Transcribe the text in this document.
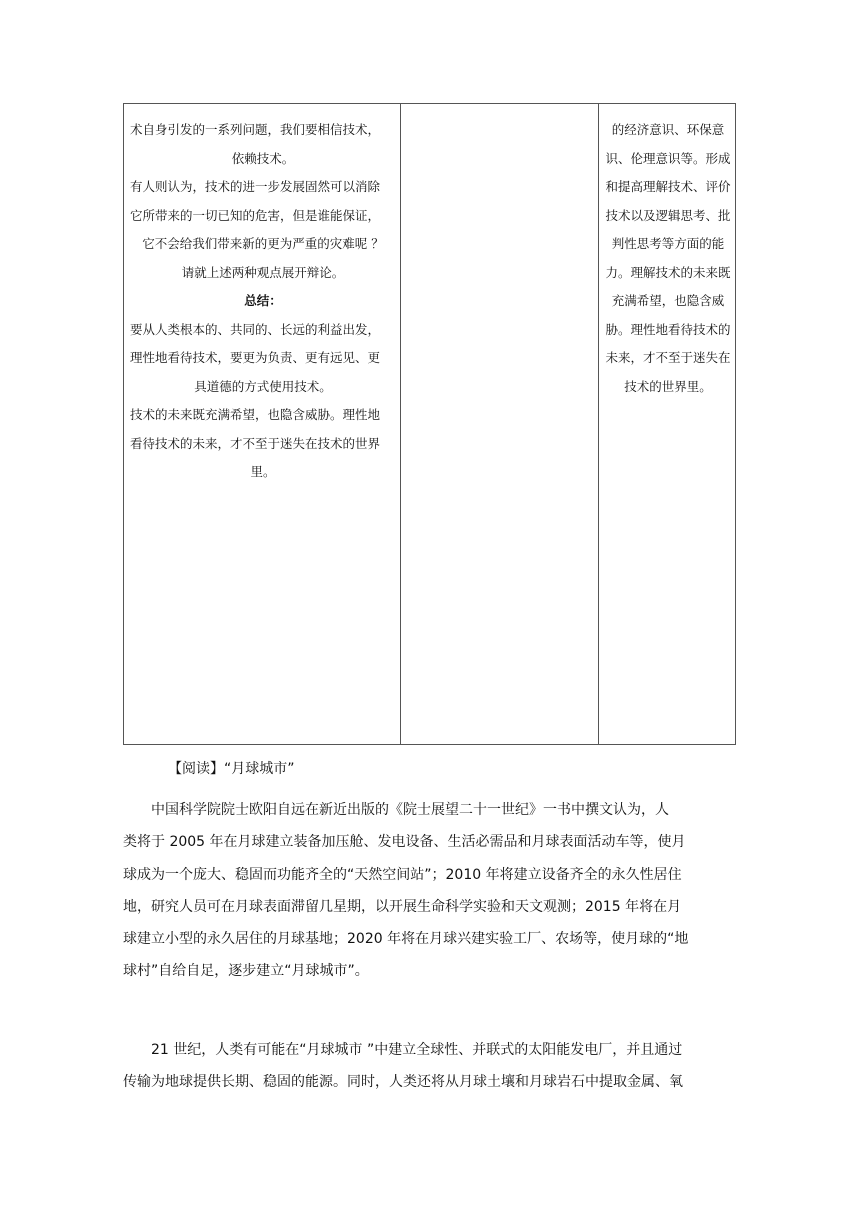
术自身引发的一系列问题，我们要相信技术，
依赖技术。
有人则认为，技术的进一步发展固然可以消除
它所带来的一切已知的危害，但是谁能保证，
它不会给我们带来新的更为严重的灾难呢 ？
请就上述两种观点展开辩论。
总结：
要从人类根本的、共同的、长远的利益出发，
理性地看待技术，要更为负责、更有远见、更
具道德的方式使用技术。
技术的未来既充满希望，也隐含威胁。理性地
看待技术的未来，才不至于迷失在技术的世界
里。
的经济意识、环保意
识、伦理意识等。形成
和提高理解技术、评价
技术以及逻辑思考、批
判性思考等方面的能
力。理解技术的未来既
充满希望，也隐含威
胁。理性地看待技术的
未来，才不至于迷失在
技术的世界里。
【阅读】“月球城市”
　　中国科学院院士欧阳自远在新近出版的《院士展望二十一世纪》一书中撰文认为，人
类将于 2005 年在月球建立装备加压舱、发电设备、生活必需品和月球表面活动车等，使月
球成为一个庞大、稳固而功能齐全的“天然空间站”；2010 年将建立设备齐全的永久性居住
地，研究人员可在月球表面滞留几星期，以开展生命科学实验和天文观测；2015 年将在月
球建立小型的永久居住的月球基地；2020 年将在月球兴建实验工厂、农场等，使月球的“地
球村”自给自足，逐步建立“月球城市”。
　　21 世纪，人类有可能在“月球城市 ”中建立全球性、并联式的太阳能发电厂，并且通过
传输为地球提供长期、稳固的能源。同时，人类还将从月球土壤和月球岩石中提取金属、氧
